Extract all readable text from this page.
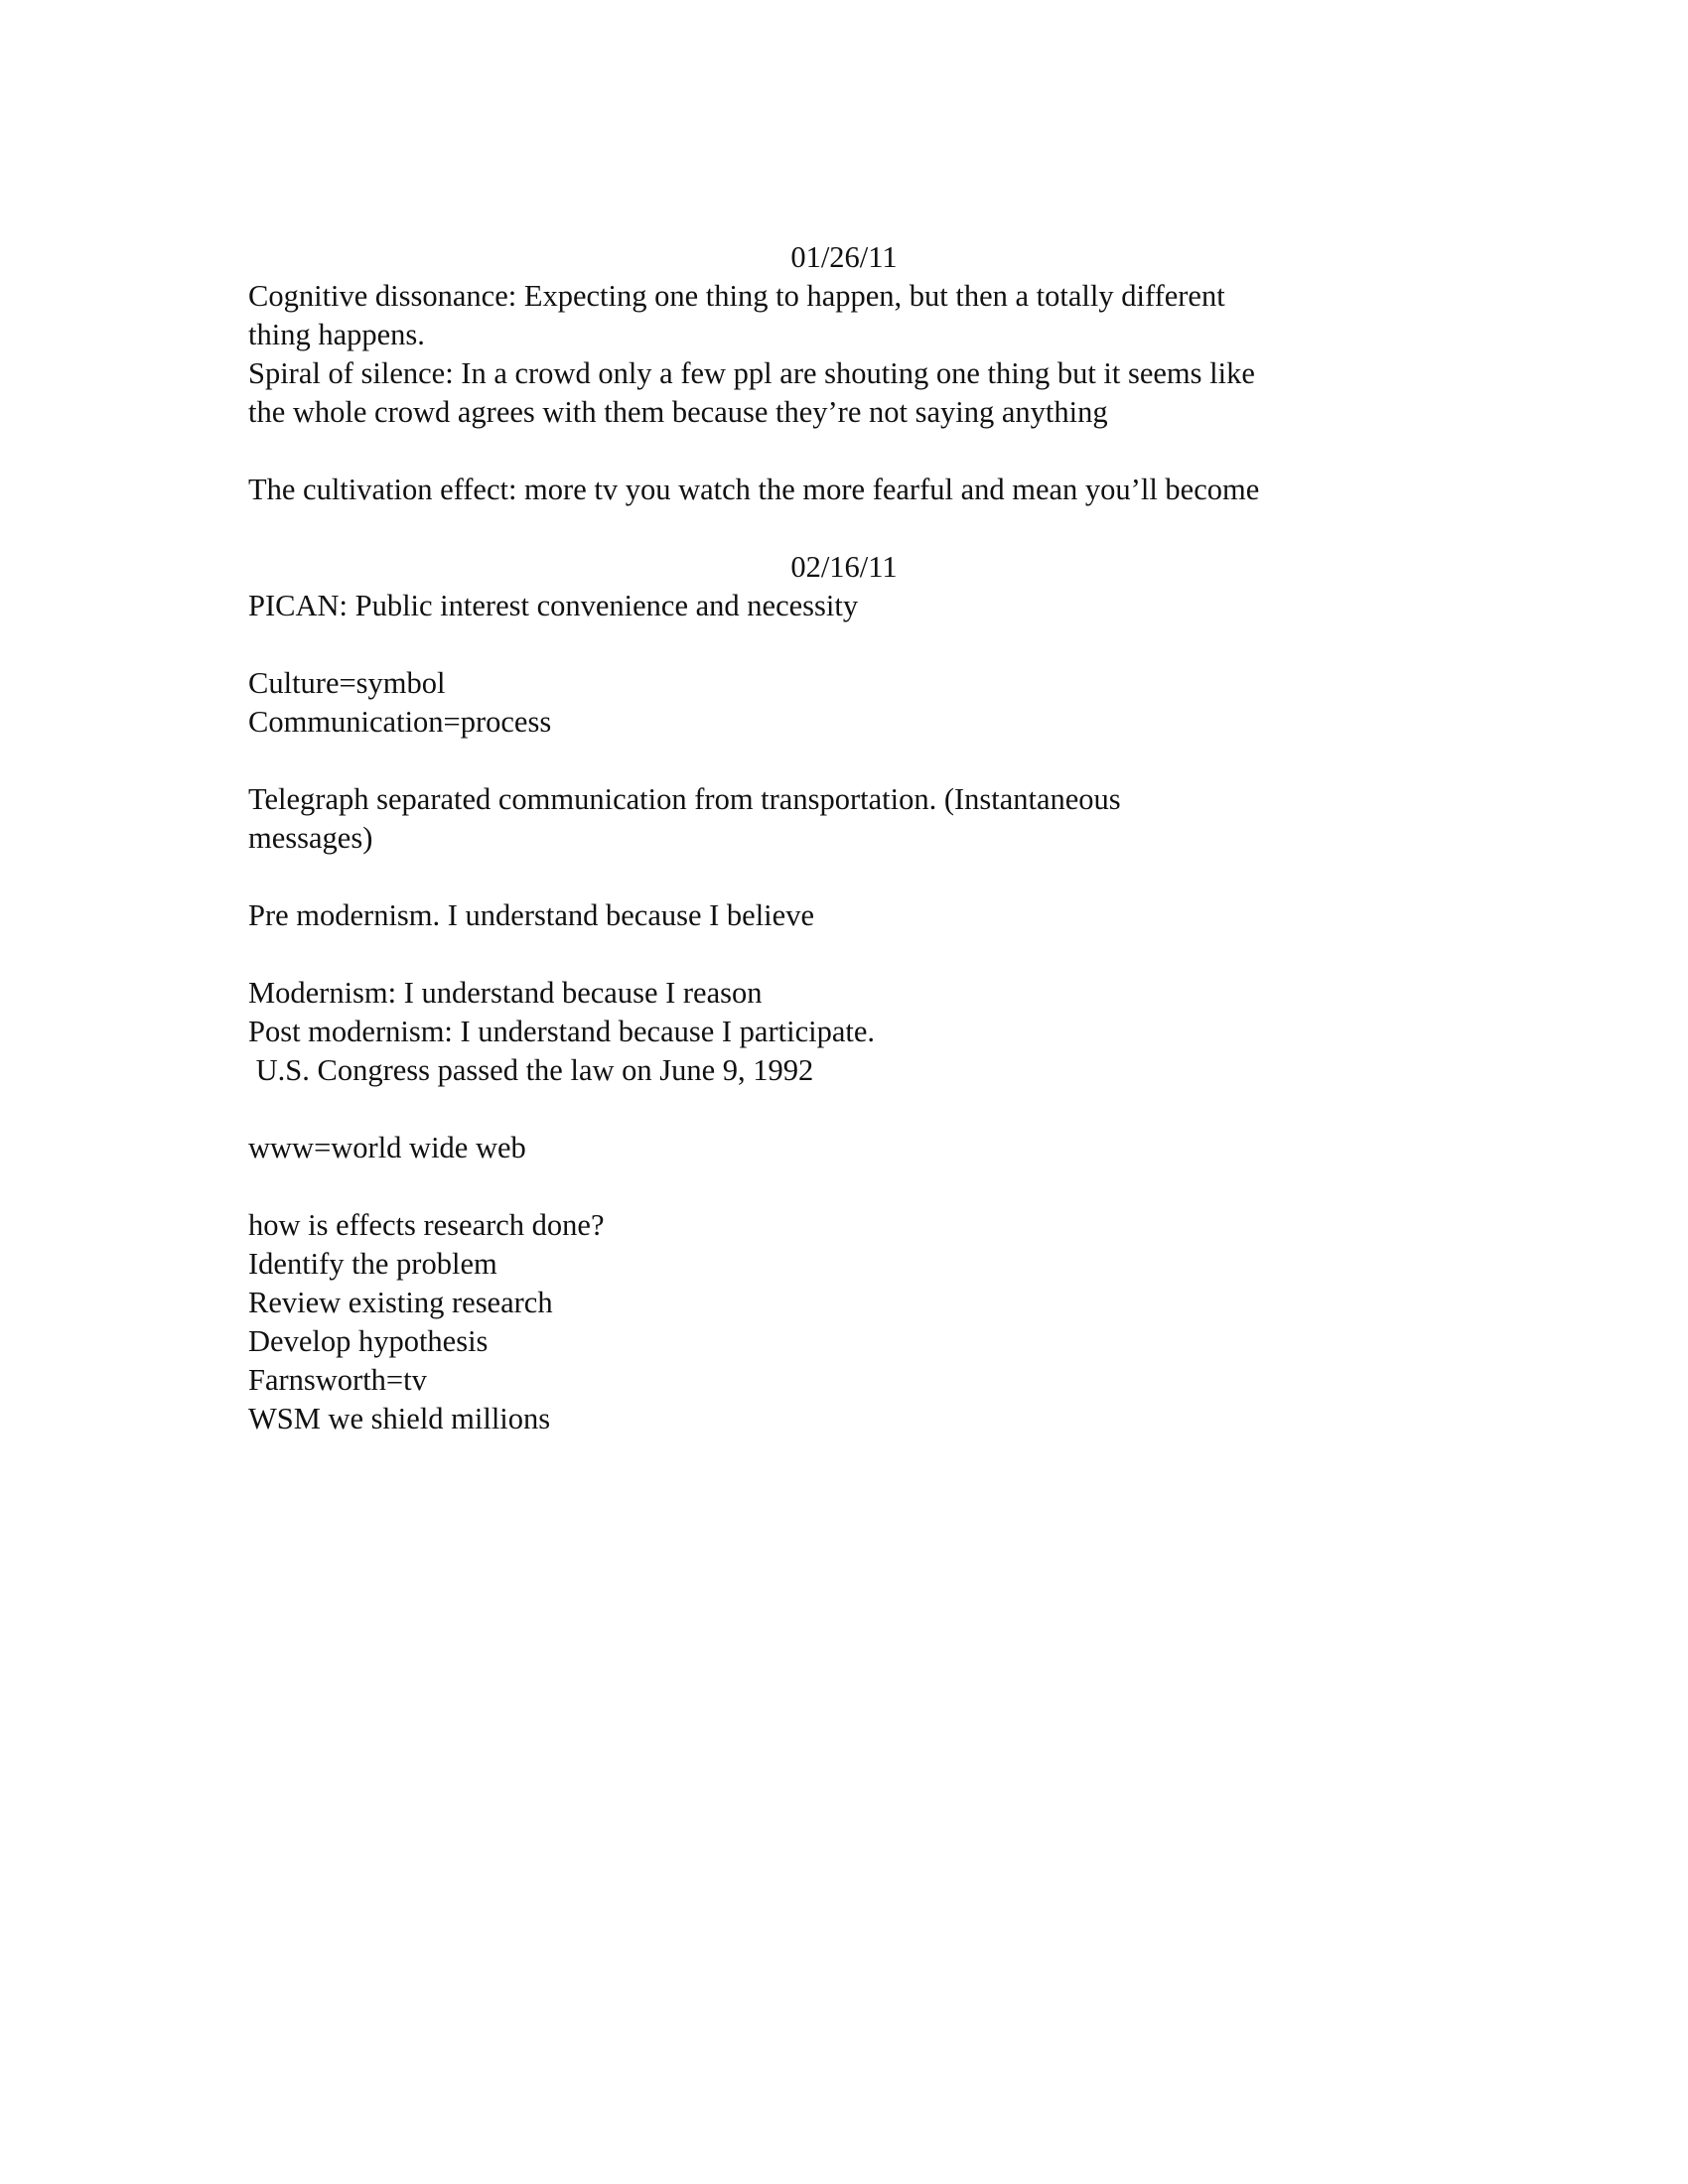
01/26/11
Cognitive dissonance: Expecting one thing to happen, but then a totally different
thing happens.
Spiral of silence: In a crowd only a few ppl are shouting one thing but it seems like
the whole crowd agrees with them because they’re not saying anything
The cultivation effect: more tv you watch the more fearful and mean you’ll become
02/16/11
PICAN: Public interest convenience and necessity
Culture=symbol
Communication=process
Telegraph separated communication from transportation. (Instantaneous
messages)
Pre modernism. I understand because I believe
Modernism: I understand because I reason
Post modernism: I understand because I participate.
U.S. Congress passed the law on June 9, 1992
www=world wide web
how is effects research done?
Identify the problem
Review existing research
Develop hypothesis
Farnsworth=tv
WSM we shield millions
